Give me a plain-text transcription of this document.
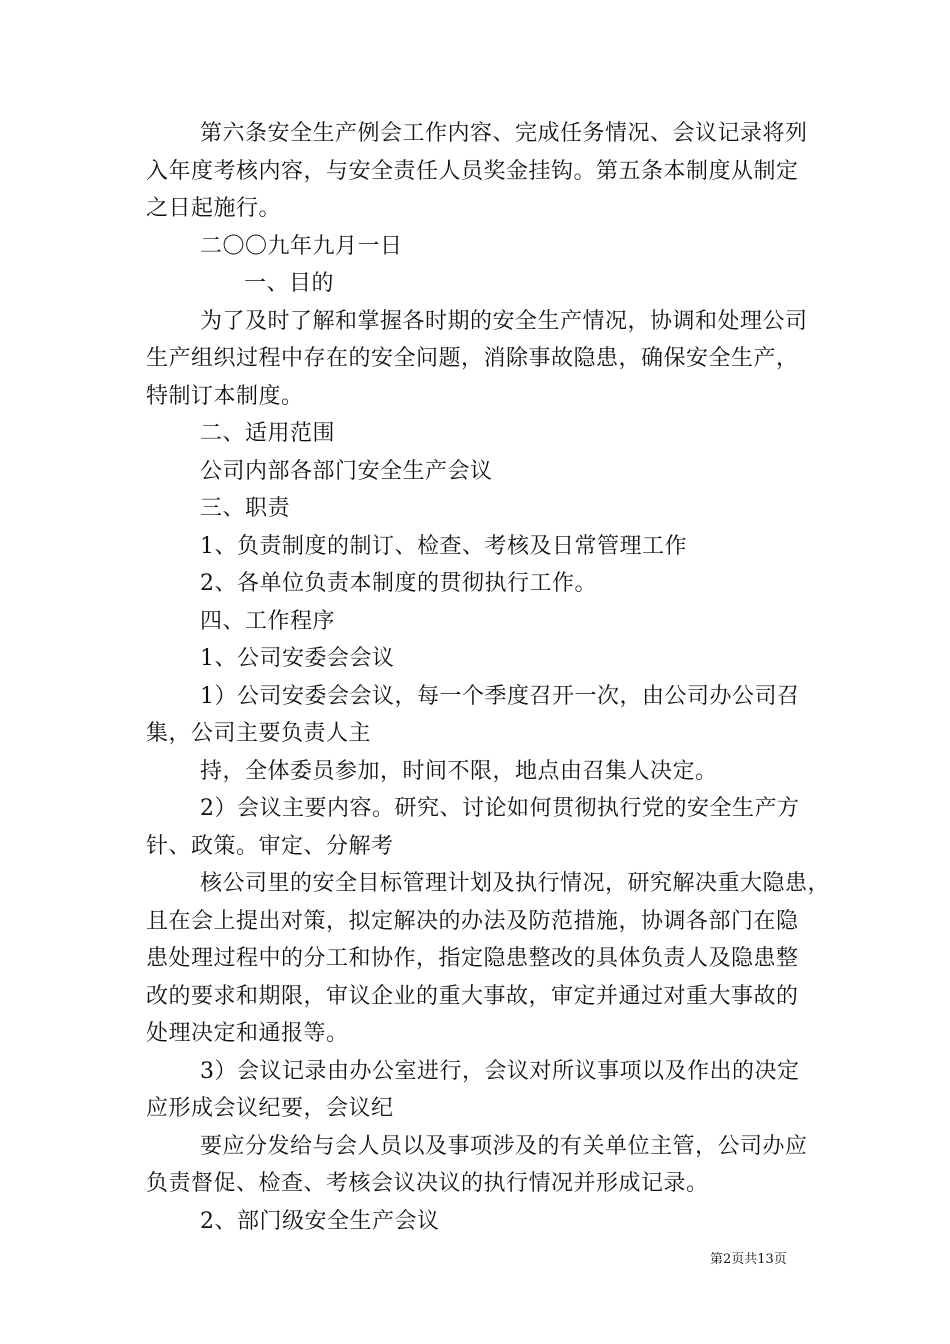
第六条安全生产例会工作内容、完成任务情况、会议记录将列
入年度考核内容，与安全责任人员奖金挂钩。第五条本制度从制定
之日起施行。
二〇〇九年九月一日
一、目的
为了及时了解和掌握各时期的安全生产情况，协调和处理公司
生产组织过程中存在的安全问题，消除事故隐患，确保安全生产，
特制订本制度。
二、适用范围
公司内部各部门安全生产会议
三、职责
1、负责制度的制订、检查、考核及日常管理工作
2、各单位负责本制度的贯彻执行工作。
四、工作程序
1、公司安委会会议
1）公司安委会会议，每一个季度召开一次，由公司办公司召
集，公司主要负责人主
持，全体委员参加，时间不限，地点由召集人决定。
2）会议主要内容。研究、讨论如何贯彻执行党的安全生产方
针、政策。审定、分解考
核公司里的安全目标管理计划及执行情况，研究解决重大隐患，
且在会上提出对策，拟定解决的办法及防范措施，协调各部门在隐
患处理过程中的分工和协作，指定隐患整改的具体负责人及隐患整
改的要求和期限，审议企业的重大事故，审定并通过对重大事故的
处理决定和通报等。
3）会议记录由办公室进行，会议对所议事项以及作出的决定
应形成会议纪要，会议纪
要应分发给与会人员以及事项涉及的有关单位主管，公司办应
负责督促、检查、考核会议决议的执行情况并形成记录。
2、部门级安全生产会议
第2页共13页
